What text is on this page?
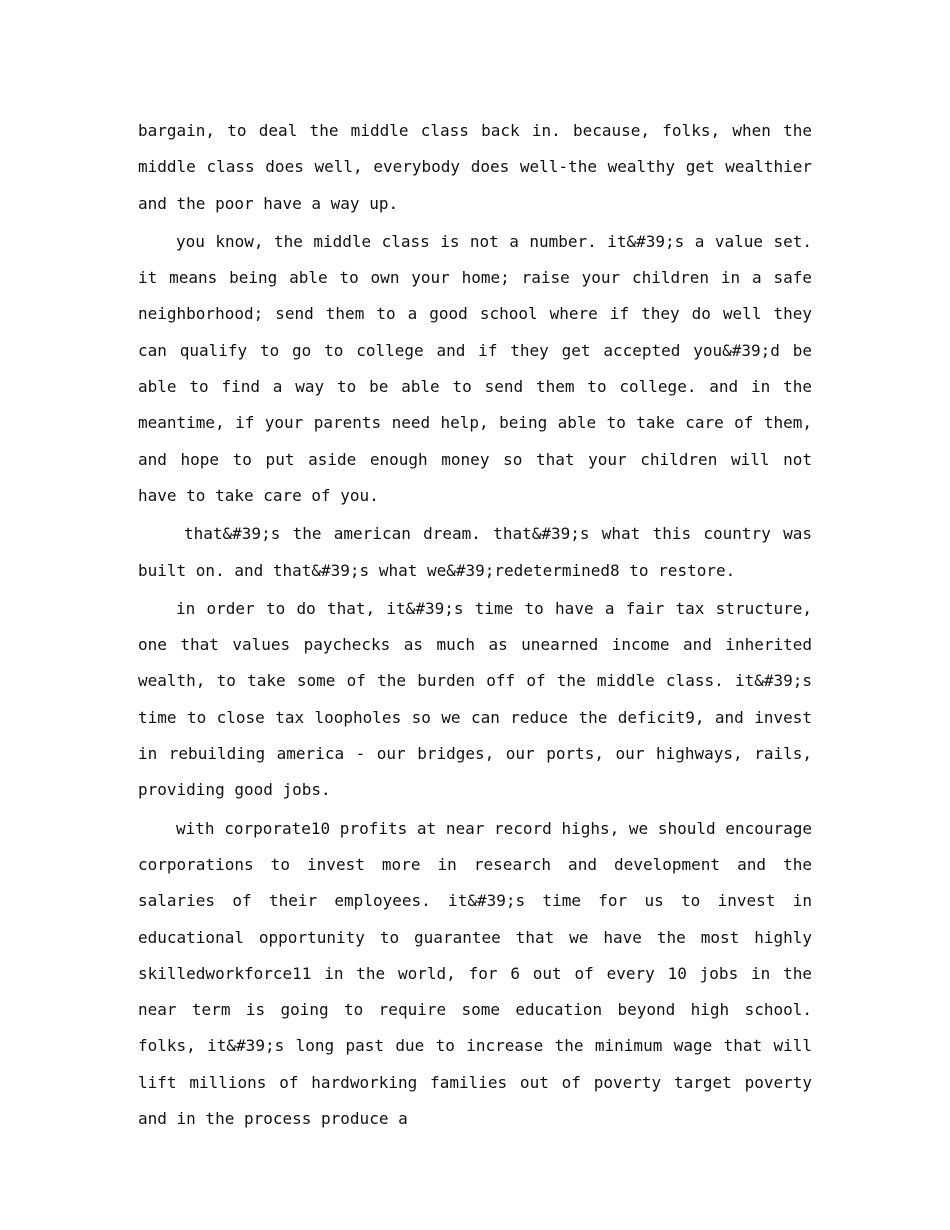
bargain, to deal the middle class back in. because, folks, when the middle class does well, everybody does well-the wealthy get wealthier and the poor have a way up.

you know, the middle class is not a number. it&#39;s a value set. it means being able to own your home; raise your children in a safe neighborhood; send them to a good school where if they do well they can qualify to go to college and if they get accepted you&#39;d be able to find a way to be able to send them to college. and in the meantime, if your parents need help, being able to take care of them, and hope to put aside enough money so that your children will not have to take care of you.

that&#39;s the american dream. that&#39;s what this country was built on. and that&#39;s what we&#39;redetermined8 to restore.

in order to do that, it&#39;s time to have a fair tax structure, one that values paychecks as much as unearned income and inherited wealth, to take some of the burden off of the middle class. it&#39;s time to close tax loopholes so we can reduce the deficit9, and invest in rebuilding america - our bridges, our ports, our highways, rails, providing good jobs.

with corporate10 profits at near record highs, we should encourage corporations to invest more in research and development and the salaries of their employees. it&#39;s time for us to invest in educational opportunity to guarantee that we have the most highly skilledworkforce11 in the world, for 6 out of every 10 jobs in the near term is going to require some education beyond high school. folks, it&#39;s long past due to increase the minimum wage that will lift millions of hardworking families out of poverty target poverty and in the process produce a
